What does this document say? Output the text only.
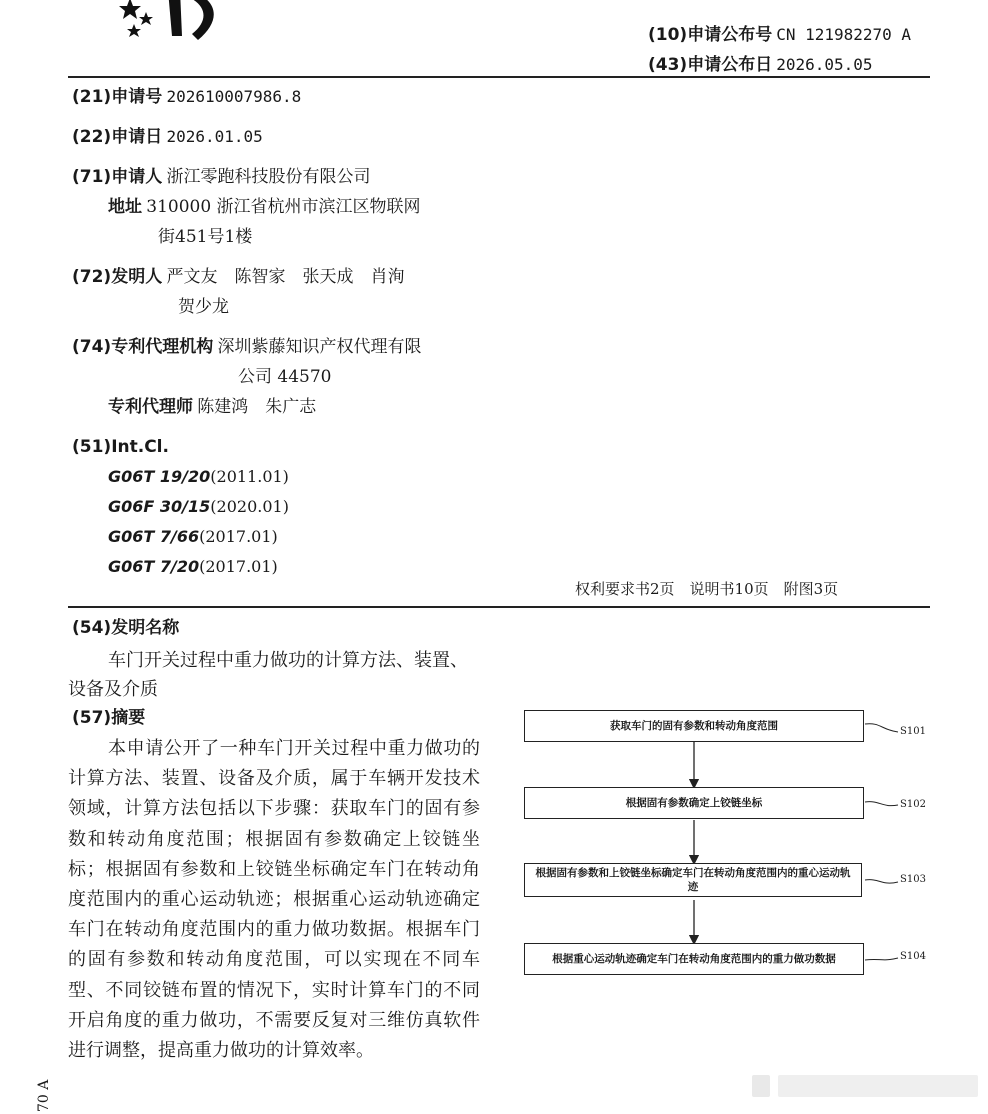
(10)申请公布号 CN 121982270 A
(43)申请公布日 2026.05.05
(21)申请号 202610007986.8
(22)申请日 2026.01.05
(71)申请人 浙江零跑科技股份有限公司
地址 310000 浙江省杭州市滨江区物联网
街451号1楼
(72)发明人 严文友　陈智家　张天成　肖洵
贺少龙
(74)专利代理机构 深圳紫藤知识产权代理有限
公司 44570
专利代理师 陈建鸿　朱广志
(51)Int.Cl.
G06T 19/20(2011.01)
G06F 30/15(2020.01)
G06T 7/66(2017.01)
G06T 7/20(2017.01)
权利要求书2页　说明书10页　附图3页
(54)发明名称
车门开关过程中重力做功的计算方法、装置、设备及介质
(57)摘要
本申请公开了一种车门开关过程中重力做功的计算方法、装置、设备及介质，属于车辆开发技术领域，计算方法包括以下步骤：获取车门的固有参数和转动角度范围；根据固有参数确定上铰链坐标；根据固有参数和上铰链坐标确定车门在转动角度范围内的重心运动轨迹；根据重心运动轨迹确定车门在转动角度范围内的重力做功数据。根据车门的固有参数和转动角度范围，可以实现在不同车型、不同铰链布置的情况下，实时计算车门的不同开启角度的重力做功，不需要反复对三维仿真软件进行调整，提高重力做功的计算效率。
获取车门的固有参数和转动角度范围
根据固有参数确定上铰链坐标
根据固有参数和上铰链坐标确定车门在转动角度范围内的重心运动轨迹
根据重心运动轨迹确定车门在转动角度范围内的重力做功数据
S101
S102
S103
S104
70 A
